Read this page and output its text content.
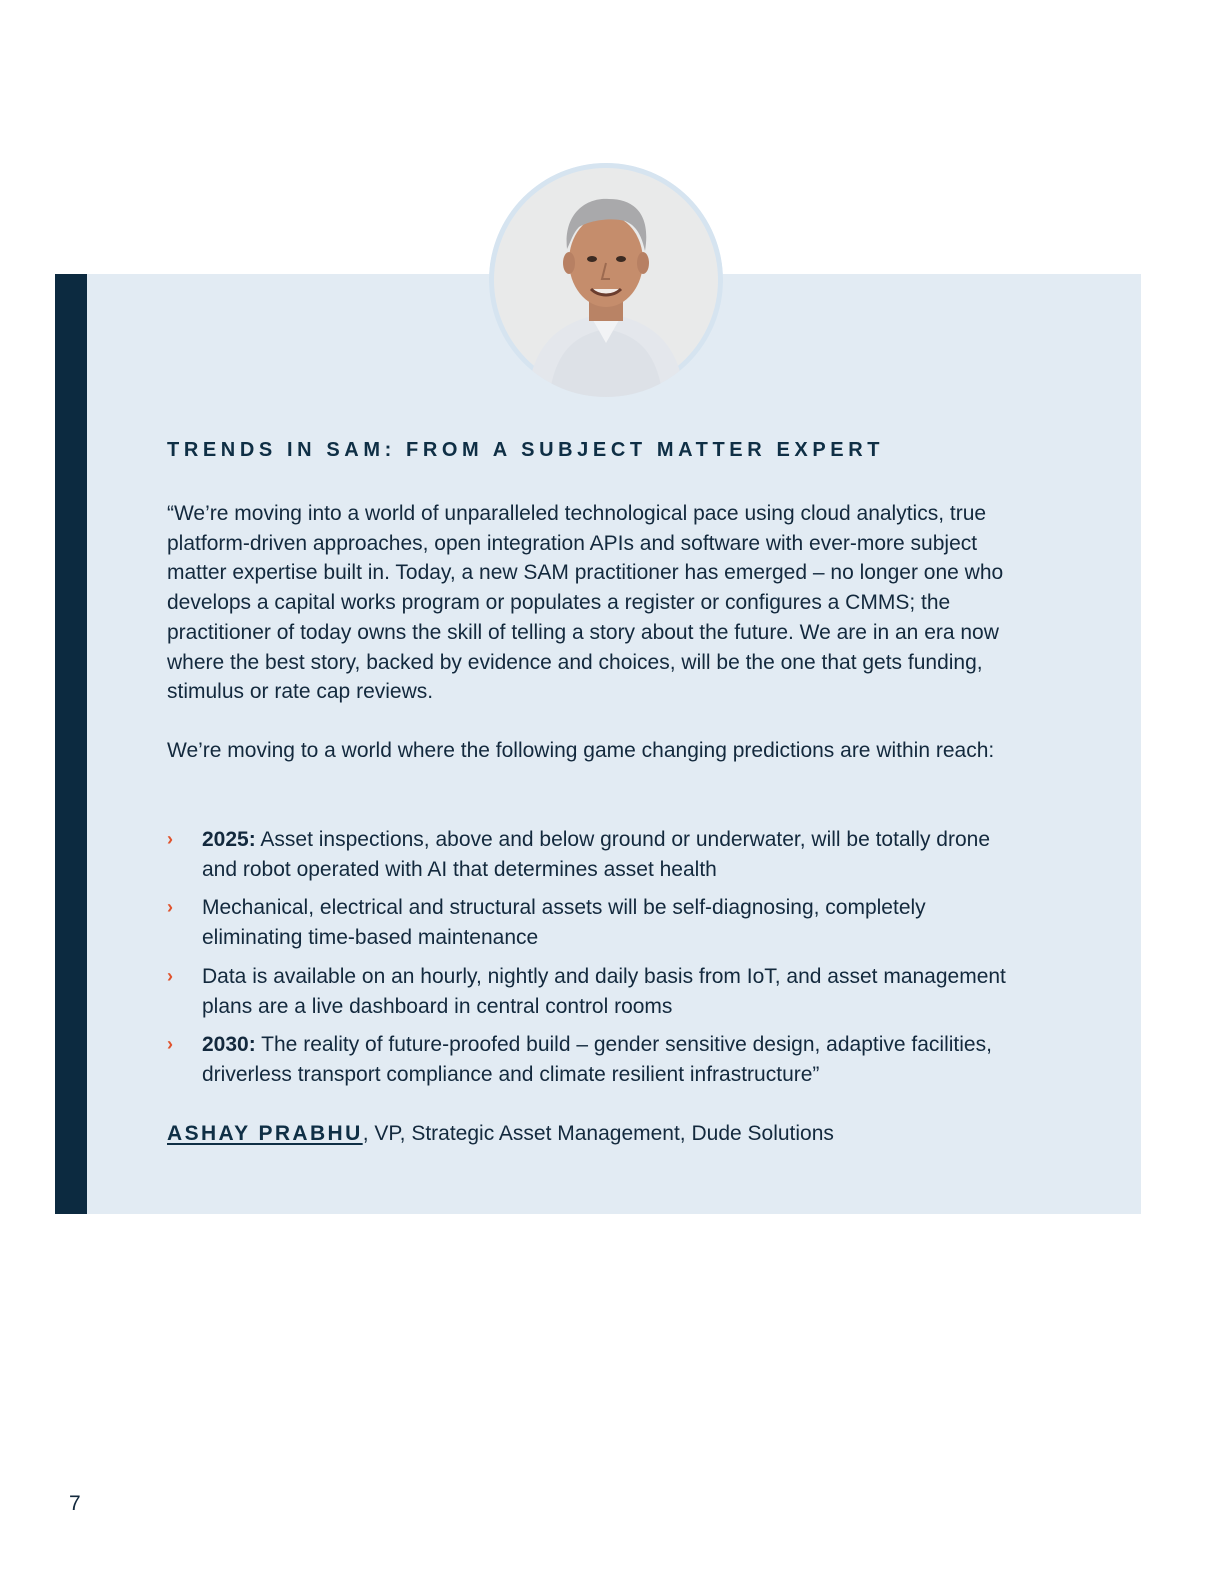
TRENDS IN SAM: FROM A SUBJECT MATTER EXPERT
“We’re moving into a world of unparalleled technological pace using cloud analytics, true platform-driven approaches, open integration APIs and software with ever-more subject matter expertise built in. Today, a new SAM practitioner has emerged – no longer one who develops a capital works program or populates a register or configures a CMMS; the practitioner of today owns the skill of telling a story about the future. We are in an era now where the best story, backed by evidence and choices, will be the one that gets funding, stimulus or rate cap reviews.
We’re moving to a world where the following game changing predictions are within reach:
› 2025: Asset inspections, above and below ground or underwater, will be totally drone and robot operated with AI that determines asset health
› Mechanical, electrical and structural assets will be self-diagnosing, completely eliminating time-based maintenance
› Data is available on an hourly, nightly and daily basis from IoT, and asset management plans are a live dashboard in central control rooms
› 2030: The reality of future-proofed build – gender sensitive design, adaptive facilities, driverless transport compliance and climate resilient infrastructure”
ASHAY PRABHU, VP, Strategic Asset Management, Dude Solutions
7
